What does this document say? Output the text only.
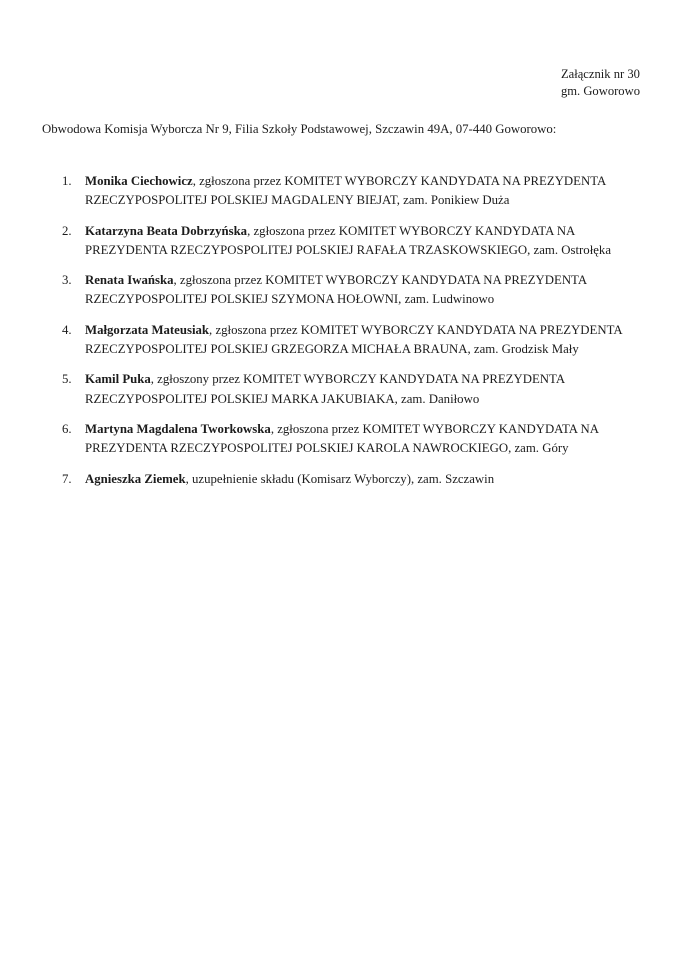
Załącznik nr 30
gm. Goworowo
Obwodowa Komisja Wyborcza Nr 9, Filia Szkoły Podstawowej, Szczawin 49A, 07-440 Goworowo:
1.	Monika Ciechowicz, zgłoszona przez KOMITET WYBORCZY KANDYDATA NA PREZYDENTA RZECZYPOSPOLITEJ POLSKIEJ MAGDALENY BIEJAT, zam. Ponikiew Duża
2.	Katarzyna Beata Dobrzyńska, zgłoszona przez KOMITET WYBORCZY KANDYDATA NA PREZYDENTA RZECZYPOSPOLITEJ POLSKIEJ RAFAŁA TRZASKOWSKIEGO, zam. Ostrołęka
3.	Renata Iwańska, zgłoszona przez KOMITET WYBORCZY KANDYDATA NA PREZYDENTA RZECZYPOSPOLITEJ POLSKIEJ SZYMONA HOŁOWNI, zam. Ludwinowo
4.	Małgorzata Mateusiak, zgłoszona przez KOMITET WYBORCZY KANDYDATA NA PREZYDENTA RZECZYPOSPOLITEJ POLSKIEJ GRZEGORZA MICHAŁA BRAUNA, zam. Grodzisk Mały
5.	Kamil Puka, zgłoszony przez KOMITET WYBORCZY KANDYDATA NA PREZYDENTA RZECZYPOSPOLITEJ POLSKIEJ MARKA JAKUBIAKA, zam. Daniłowo
6.	Martyna Magdalena Tworkowska, zgłoszona przez KOMITET WYBORCZY KANDYDATA NA PREZYDENTA RZECZYPOSPOLITEJ POLSKIEJ KAROLA NAWROCKIEGO, zam. Góry
7.	Agnieszka Ziemek, uzupełnienie składu (Komisarz Wyborczy), zam. Szczawin
